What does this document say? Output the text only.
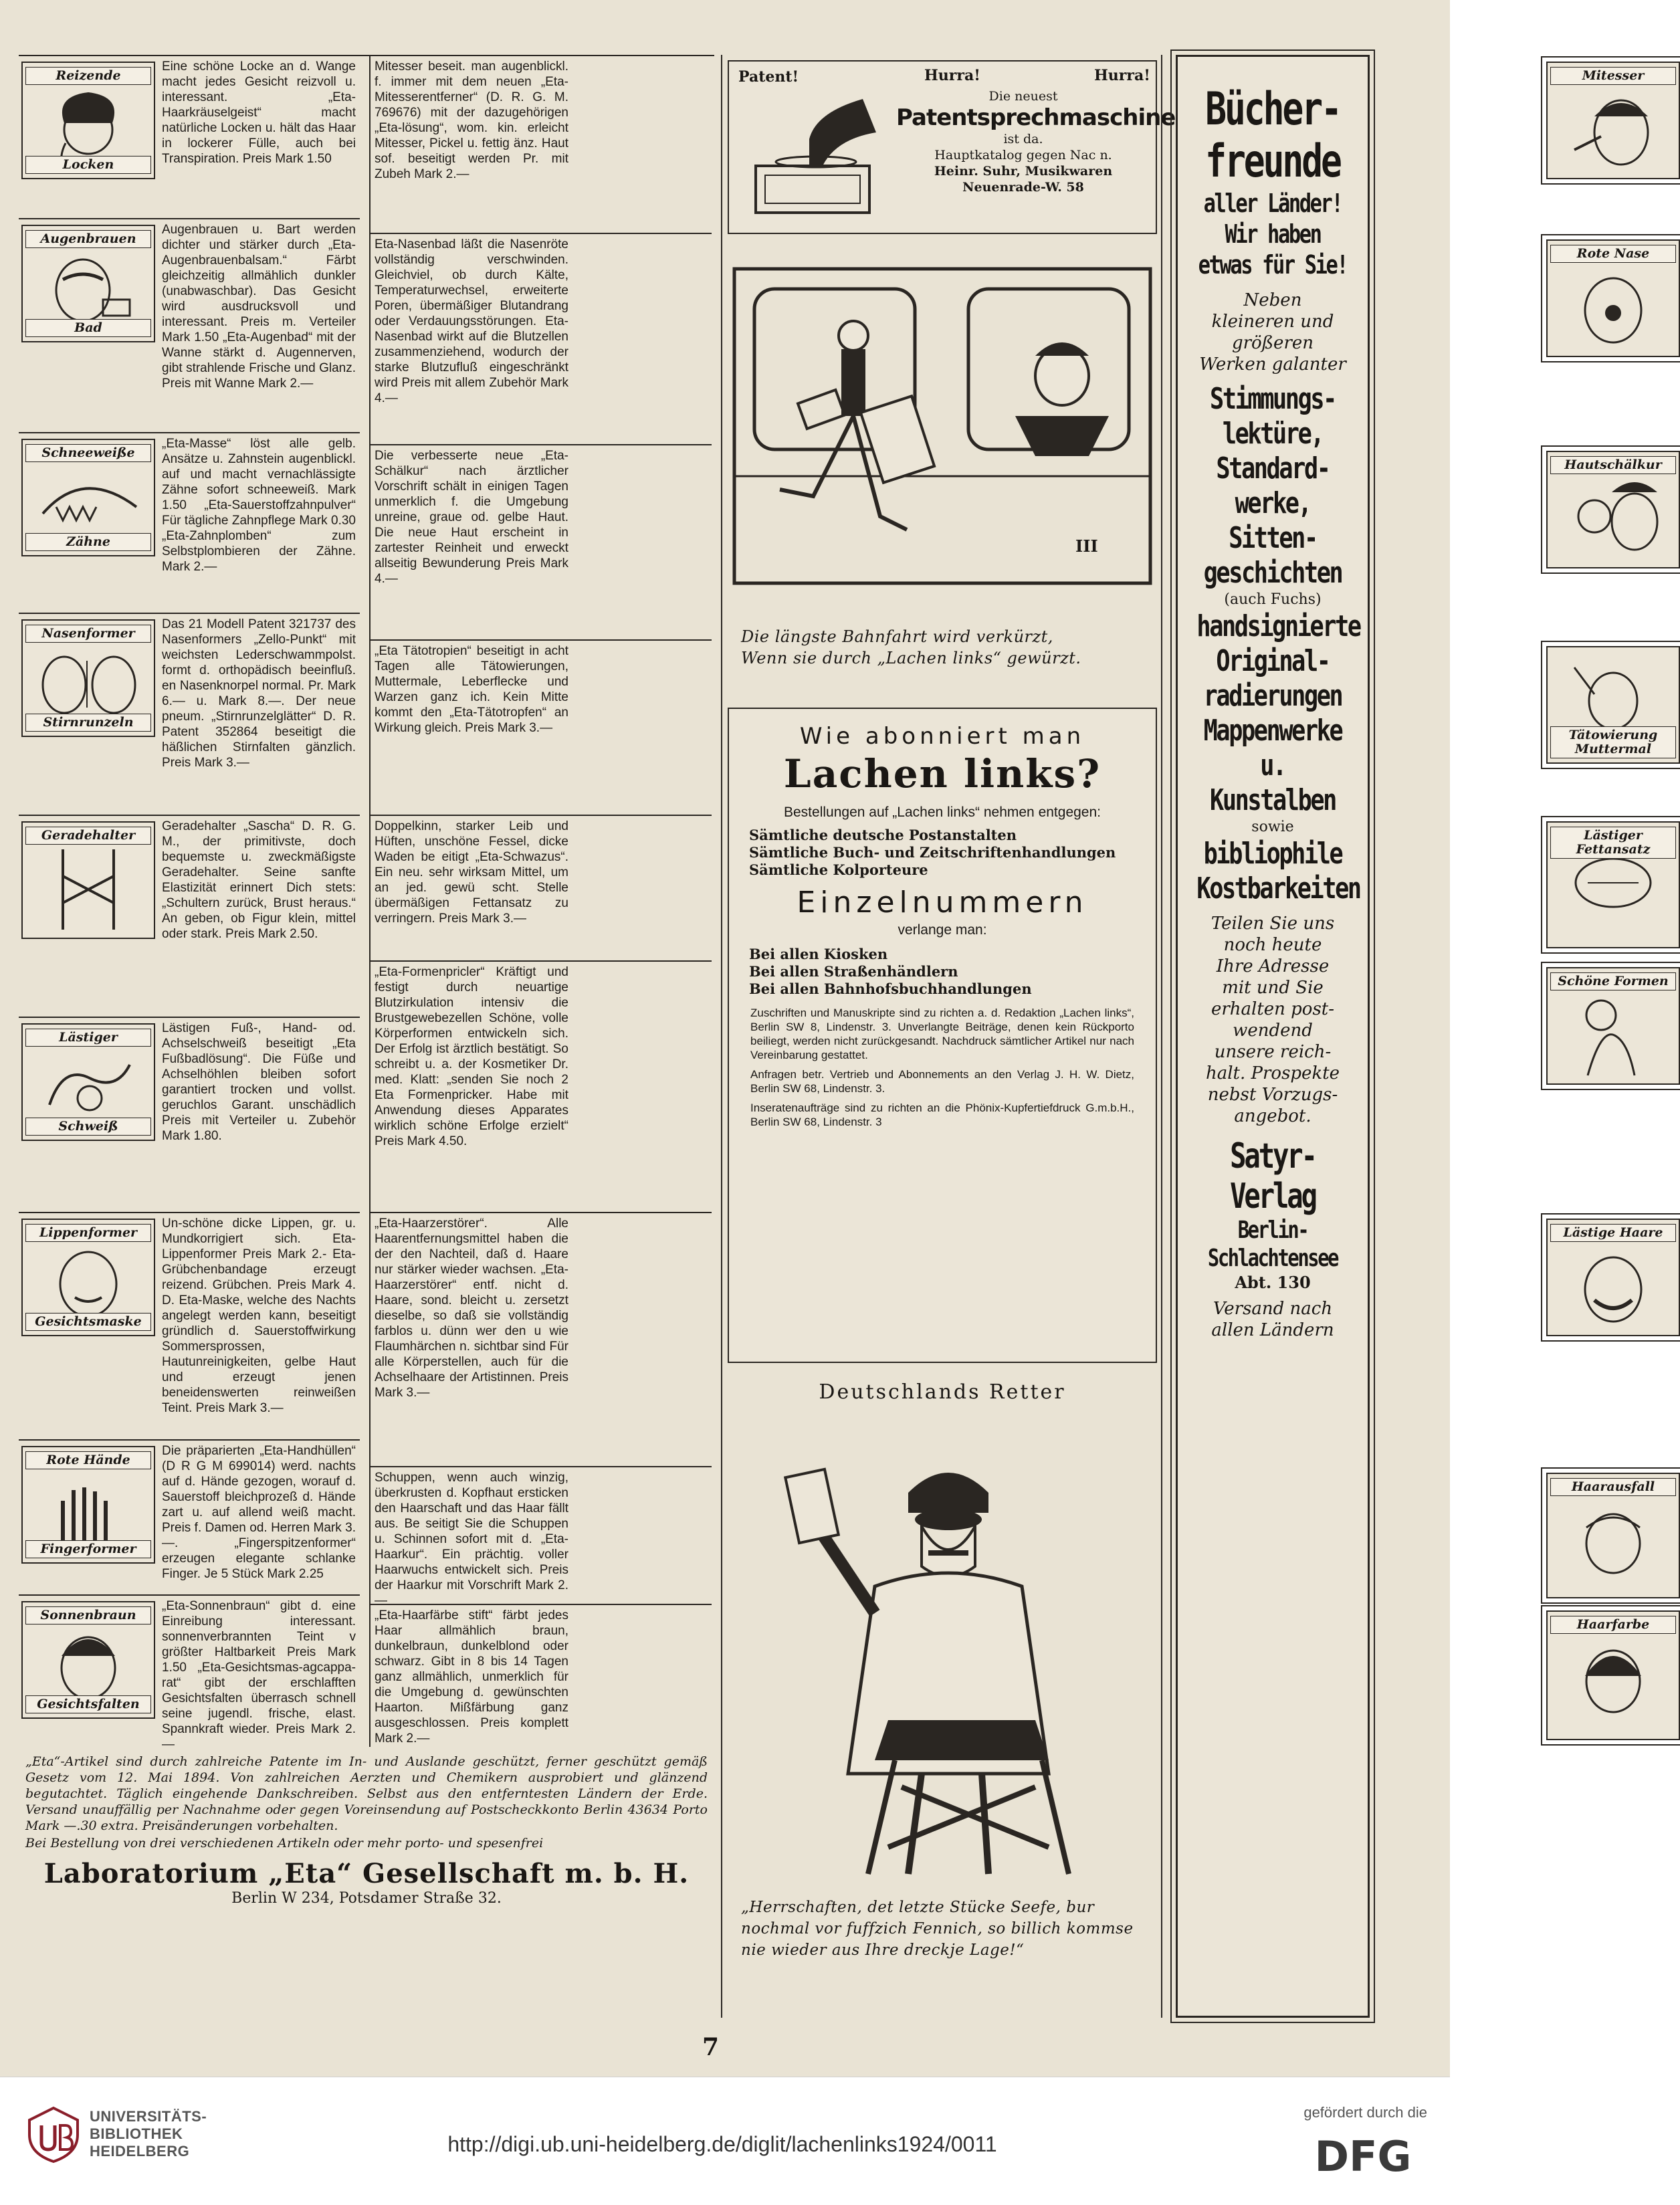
Reizende
Locken
Eine schöne Locke an d. Wange macht jedes Gesicht reizvoll u. interessant. „Eta-Haarkräuselgeist“ macht natürliche Locken u. hält das Haar in lockerer Fülle, auch bei Transpiration. Preis Mark 1.50
Augenbrauen
Bad
Augenbrauen u. Bart werden dichter und stärker durch „Eta-Augenbrauenbalsam.“ Färbt gleichzeitig allmählich dunkler (unabwaschbar). Das Gesicht wird ausdrucksvoll und interessant. Preis m. Verteiler Mark 1.50 „Eta-Augenbad“ mit der Wanne stärkt d. Augennerven, gibt strahlende Frische und Glanz. Preis mit Wanne Mark 2.—
Schneeweiße
Zähne
„Eta-Masse“ löst alle gelb. Ansätze u. Zahnstein augenblickl. auf und macht vernachlässigte Zähne sofort schneeweiß. Mark 1.50 „Eta-Sauerstoffzahnpulver“ Für tägliche Zahnpflege Mark 0.30 „Eta-Zahnplomben“ zum Selbstplombieren der Zähne. Mark 2.—
Nasenformer
Stirnrunzeln
Das 21 Modell Patent 321737 des Nasenformers „Zello-Punkt“ mit weichsten Lederschwammpolst. formt d. orthopädisch beeinfluß. en Nasenknorpel normal. Pr. Mark 6.— u. Mark 8.—. Der neue pneum. „Stirnrunzelglätter“ D. R. Patent 352864 beseitigt die häßlichen Stirnfalten gänzlich. Preis Mark 3.—
Geradehalter
Geradehalter „Sascha“ D. R. G. M., der primitivste, doch bequemste u. zweckmäßigste Geradehalter. Seine sanfte Elastizität erinnert Dich stets: „Schultern zurück, Brust heraus.“ An geben, ob Figur klein, mittel oder stark. Preis Mark 2.50.
Lästiger
Schweiß
Lästigen Fuß-, Hand- od. Achselschweiß beseitigt „Eta Fußbadlösung“. Die Füße und Achselhöhlen bleiben sofort garantiert trocken und vollst. geruchlos Garant. unschädlich Preis mit Verteiler u. Zubehör Mark 1.80.
Lippenformer
Gesichtsmaske
Un-schöne dicke Lippen, gr. u. Mundkorrigiert sich. Eta-Lippenformer Preis Mark 2.- Eta-Grübchenbandage erzeugt reizend. Grübchen. Preis Mark 4. D. Eta-Maske, welche des Nachts angelegt werden kann, beseitigt gründlich d. Sauerstoffwirkung Sommersprossen, Hautunreinigkeiten, gelbe Haut und erzeugt jenen beneidenswerten reinweißen Teint. Preis Mark 3.—
Rote Hände
Fingerformer
Die präparierten „Eta-Handhüllen“ (D R G M 699014) werd. nachts auf d. Hände gezogen, worauf d. Sauerstoff bleichprozeß d. Hände zart u. auf allend weiß macht. Preis f. Damen od. Herren Mark 3.—. „Fingerspitzenformer“ erzeugen elegante schlanke Finger. Je 5 Stück Mark 2.25
Sonnenbraun
Gesichtsfalten
„Eta-Sonnenbraun“ gibt d. eine Einreibung interessant. sonnenverbrannten Teint v größter Haltbarkeit Preis Mark 1.50 „Eta-Gesichtsmas-agcappa-rat“ gibt der erschlafften Gesichtsfalten überrasch schnell seine jugendl. frische, elast. Spannkraft wieder. Preis Mark 2.—
Mitesser
Mitesser beseit. man augenblickl. f. immer mit dem neuen „Eta-Mitesserentferner“ (D. R. G. M. 769676) mit der dazugehörigen „Eta-lösung“, wom. kin. erleicht Mitesser, Pickel u. fettig änz. Haut sof. beseitigt werden Pr. mit Zubeh Mark 2.—
Rote Nase
Eta-Nasenbad läßt die Nasenröte vollständig verschwinden. Gleichviel, ob durch Kälte, Temperaturwechsel, erweiterte Poren, übermäßiger Blutandrang oder Verdauungsstörungen. Eta-Nasenbad wirkt auf die Blutzellen zusammenziehend, wodurch der starke Blutzufluß eingeschränkt wird Preis mit allem Zubehör Mark 4.—
Hautschälkur
Die verbesserte neue „Eta-Schälkur“ nach ärztlicher Vorschrift schält in einigen Tagen unmerklich f. die Umgebung unreine, graue od. gelbe Haut. Die neue Haut erscheint in zartester Reinheit und erweckt allseitig Bewunderung Preis Mark 4.—
Tätowierung Muttermal
„Eta Tätotropien“ beseitigt in acht Tagen alle Tätowierungen, Muttermale, Leberflecke und Warzen ganz ich. Kein Mitte kommt den „Eta-Tätotropfen“ an Wirkung gleich. Preis Mark 3.—
Lästiger Fettansatz
Doppelkinn, starker Leib und Hüften, unschöne Fessel, dicke Waden be eitigt „Eta-Schwazus“. Ein neu. sehr wirksam Mittel, um an jed. gewü scht. Stelle übermäßigen Fettansatz zu verringern. Preis Mark 3.—
Schöne Formen
„Eta-Formenpricler“ Kräftigt und festigt durch neuartige Blutzirkulation intensiv die Brustgewebezellen Schöne, volle Körperformen entwickeln sich. Der Erfolg ist ärztlich bestätigt. So schreibt u. a. der Kosmetiker Dr. med. Klatt: „senden Sie noch 2 Eta Formenpricker. Habe mit Anwendung dieses Apparates wirklich schöne Erfolge erzielt“ Preis Mark 4.50.
Lästige Haare
„Eta-Haarzerstörer“. Alle Haarentfernungsmittel haben die der den Nachteil, daß d. Haare nur stärker wieder wachsen. „Eta-Haarzerstörer“ entf. nicht d. Haare, sond. bleicht u. zersetzt dieselbe, so daß sie vollständig farblos u. dünn wer den u wie Flaumhärchen n. sichtbar sind Für alle Körperstellen, auch für die Achselhaare der Artistinnen. Preis Mark 3.—
Haarausfall
Schuppen, wenn auch winzig, überkrusten d. Kopfhaut ersticken den Haarschaft und das Haar fällt aus. Be seitigt Sie die Schuppen u. Schinnen sofort mit d. „Eta-Haarkur“. Ein prächtig. voller Haarwuchs entwickelt sich. Preis der Haarkur mit Vorschrift Mark 2.—
Haarfarbe
„Eta-Haarfärbe stift“ färbt jedes Haar allmählich braun, dunkelbraun, dunkelblond oder schwarz. Gibt in 8 bis 14 Tagen ganz allmählich, unmerklich für die Umgebung d. gewünschten Haarton. Mißfärbung ganz ausgeschlossen. Preis komplett Mark 2.—
„Eta“-Artikel sind durch zahlreiche Patente im In- und Auslande geschützt, ferner geschützt gemäß Gesetz vom 12. Mai 1894. Von zahlreichen Aerzten und Chemikern ausprobiert und glänzend begutachtet. Täglich eingehende Dankschreiben. Selbst aus den entferntesten Ländern der Erde. Versand unauffällig per Nachnahme oder gegen Voreinsendung auf Postscheckkonto Berlin 43634 Porto Mark —.30 extra. Preisänderungen vorbehalten.
Bei Bestellung von drei verschiedenen Artikeln oder mehr porto- und spesenfrei
Laboratorium „Eta“ Gesellschaft m. b. H.
Berlin W 234, Potsdamer Straße 32.
Patent!	Hurra!	Hurra!
Die neuest
Patentsprechmaschine
ist da.
Hauptkatalog gegen Nac n.
Heinr. Suhr, Musikwaren
Neuenrade-W. 58
III
Die längste Bahnfahrt wird verkürzt,
Wenn sie durch „Lachen links“ gewürzt.
Wie abonniert man
Lachen links?
Bestellungen auf „Lachen links“ nehmen entgegen:
Sämtliche deutsche Postanstalten
Sämtliche Buch- und Zeitschriftenhandlungen
Sämtliche Kolporteure
Einzelnummern
verlange man:
Bei allen Kiosken
Bei allen Straßenhändlern
Bei allen Bahnhofsbuchhandlungen
Zuschriften und Manuskripte sind zu richten a. d. Redaktion „Lachen links“, Berlin SW 8, Lindenstr. 3. Unverlangte Beiträge, denen kein Rückporto beiliegt, werden nicht zurückgesandt. Nachdruck sämtlicher Artikel nur nach Vereinbarung gestattet.
Anfragen betr. Vertrieb und Abonnements an den Verlag J. H. W. Dietz, Berlin SW 68, Lindenstr. 3.
Inseratenaufträge sind zu richten an die Phönix-Kupfertiefdruck G.m.b.H., Berlin SW 68, Lindenstr. 3
Deutschlands Retter
„Herrschaften, det letzte Stücke Seefe, bur
nochmal vor fuffzich Fennich, so billich kommse
nie wieder aus Ihre dreckje Lage!“
Bücher-
freunde
aller Länder!
Wir haben
etwas für Sie!
Neben
kleineren und
größeren
Werken galanter
Stimmungs-
lektüre,
Standard-
werke,
Sitten-
geschichten
(auch Fuchs)
handsignierte
Original-
radierungen
Mappenwerke
u. Kunstalben
sowie
bibliophile
Kostbarkeiten
Teilen Sie uns
noch heute
Ihre Adresse
mit und Sie
erhalten post-
wendend
unsere reich-
halt. Prospekte
nebst Vorzugs-
angebot.
Satyr-Verlag
Berlin-
Schlachtensee
Abt. 130
Versand nach
allen Ländern
7
UNIVERSITÄTS-
BIBLIOTHEK
HEIDELBERG	http://digi.ub.uni-heidelberg.de/diglit/lachenlinks1924/0011
gefördert durch die
DFG
